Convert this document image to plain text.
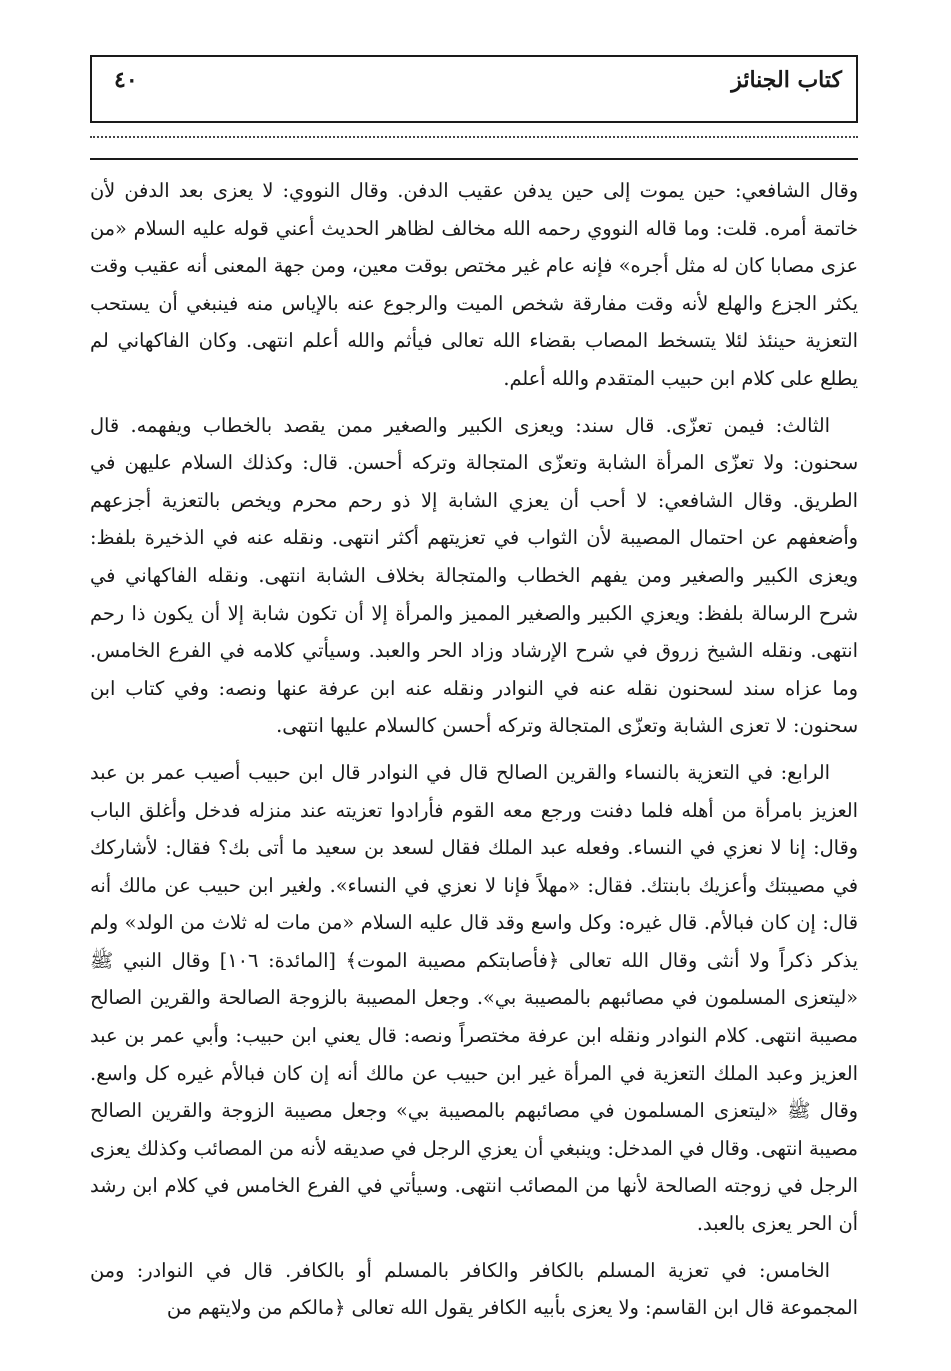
كتاب الجنائز
٤٠

وقال الشافعي: حين يموت إلى حين يدفن عقيب الدفن. وقال النووي: لا يعزى بعد الدفن لأن خاتمة أمره. قلت: وما قاله النووي رحمه الله مخالف لظاهر الحديث أعني قوله عليه السلام «من عزى مصابا كان له مثل أجره» فإنه عام غير مختص بوقت معين، ومن جهة المعنى أنه عقيب وقت يكثر الجزع والهلع لأنه وقت مفارقة شخص الميت والرجوع عنه بالإياس منه فينبغي أن يستحب التعزية حينئذ لئلا يتسخط المصاب بقضاء الله تعالى فيأثم والله أعلم انتهى. وكان الفاكهاني لم يطلع على كلام ابن حبيب المتقدم والله أعلم.

الثالث: فيمن تعزّى. قال سند: ويعزى الكبير والصغير ممن يقصد بالخطاب ويفهمه. قال سحنون: ولا تعزّى المرأة الشابة وتعزّى المتجالة وتركه أحسن. قال: وكذلك السلام عليهن في الطريق. وقال الشافعي: لا أحب أن يعزي الشابة إلا ذو رحم محرم ويخص بالتعزية أجزعهم وأضعفهم عن احتمال المصيبة لأن الثواب في تعزيتهم أكثر انتهى. ونقله عنه في الذخيرة بلفظ: ويعزى الكبير والصغير ومن يفهم الخطاب والمتجالة بخلاف الشابة انتهى. ونقله الفاكهاني في شرح الرسالة بلفظ: ويعزي الكبير والصغير المميز والمرأة إلا أن تكون شابة إلا أن يكون ذا رحم انتهى. ونقله الشيخ زروق في شرح الإرشاد وزاد الحر والعبد. وسيأتي كلامه في الفرع الخامس. وما عزاه سند لسحنون نقله عنه في النوادر ونقله عنه ابن عرفة عنها ونصه: وفي كتاب ابن سحنون: لا تعزى الشابة وتعزّى المتجالة وتركه أحسن كالسلام عليها انتهى.

الرابع: في التعزية بالنساء والقرين الصالح قال في النوادر قال ابن حبيب أصيب عمر بن عبد العزيز بامرأة من أهله فلما دفنت ورجع معه القوم فأرادوا تعزيته عند منزله فدخل وأغلق الباب وقال: إنا لا نعزي في النساء. وفعله عبد الملك فقال لسعد بن سعيد ما أتى بك؟ فقال: لأشاركك في مصيبتك وأعزيك بابنتك. فقال: «مهلاً فإنا لا نعزي في النساء». ولغير ابن حبيب عن مالك أنه قال: إن كان فبالأم. قال غيره: وكل واسع وقد قال عليه السلام «من مات له ثلاث من الولد» ولم يذكر ذكراً ولا أنثى وقال الله تعالى ﴿فأصابتكم مصيبة الموت﴾ [المائدة: ١٠٦] وقال النبي ﷺ «ليتعزى المسلمون في مصائبهم بالمصيبة بي». وجعل المصيبة بالزوجة الصالحة والقرين الصالح مصيبة انتهى. كلام النوادر ونقله ابن عرفة مختصراً ونصه: قال يعني ابن حبيب: وأبي عمر بن عبد العزيز وعبد الملك التعزية في المرأة غير ابن حبيب عن مالك أنه إن كان فبالأم غيره كل واسع. وقال ﷺ «ليتعزى المسلمون في مصائبهم بالمصيبة بي» وجعل مصيبة الزوجة والقرين الصالح مصيبة انتهى. وقال في المدخل: وينبغي أن يعزي الرجل في صديقه لأنه من المصائب وكذلك يعزى الرجل في زوجته الصالحة لأنها من المصائب انتهى. وسيأتي في الفرع الخامس في كلام ابن رشد أن الحر يعزى بالعبد.

الخامس: في تعزية المسلم بالكافر والكافر بالمسلم أو بالكافر. قال في النوادر: ومن المجموعة قال ابن القاسم: ولا يعزى بأبيه الكافر يقول الله تعالى ﴿مالكم من ولايتهم من
